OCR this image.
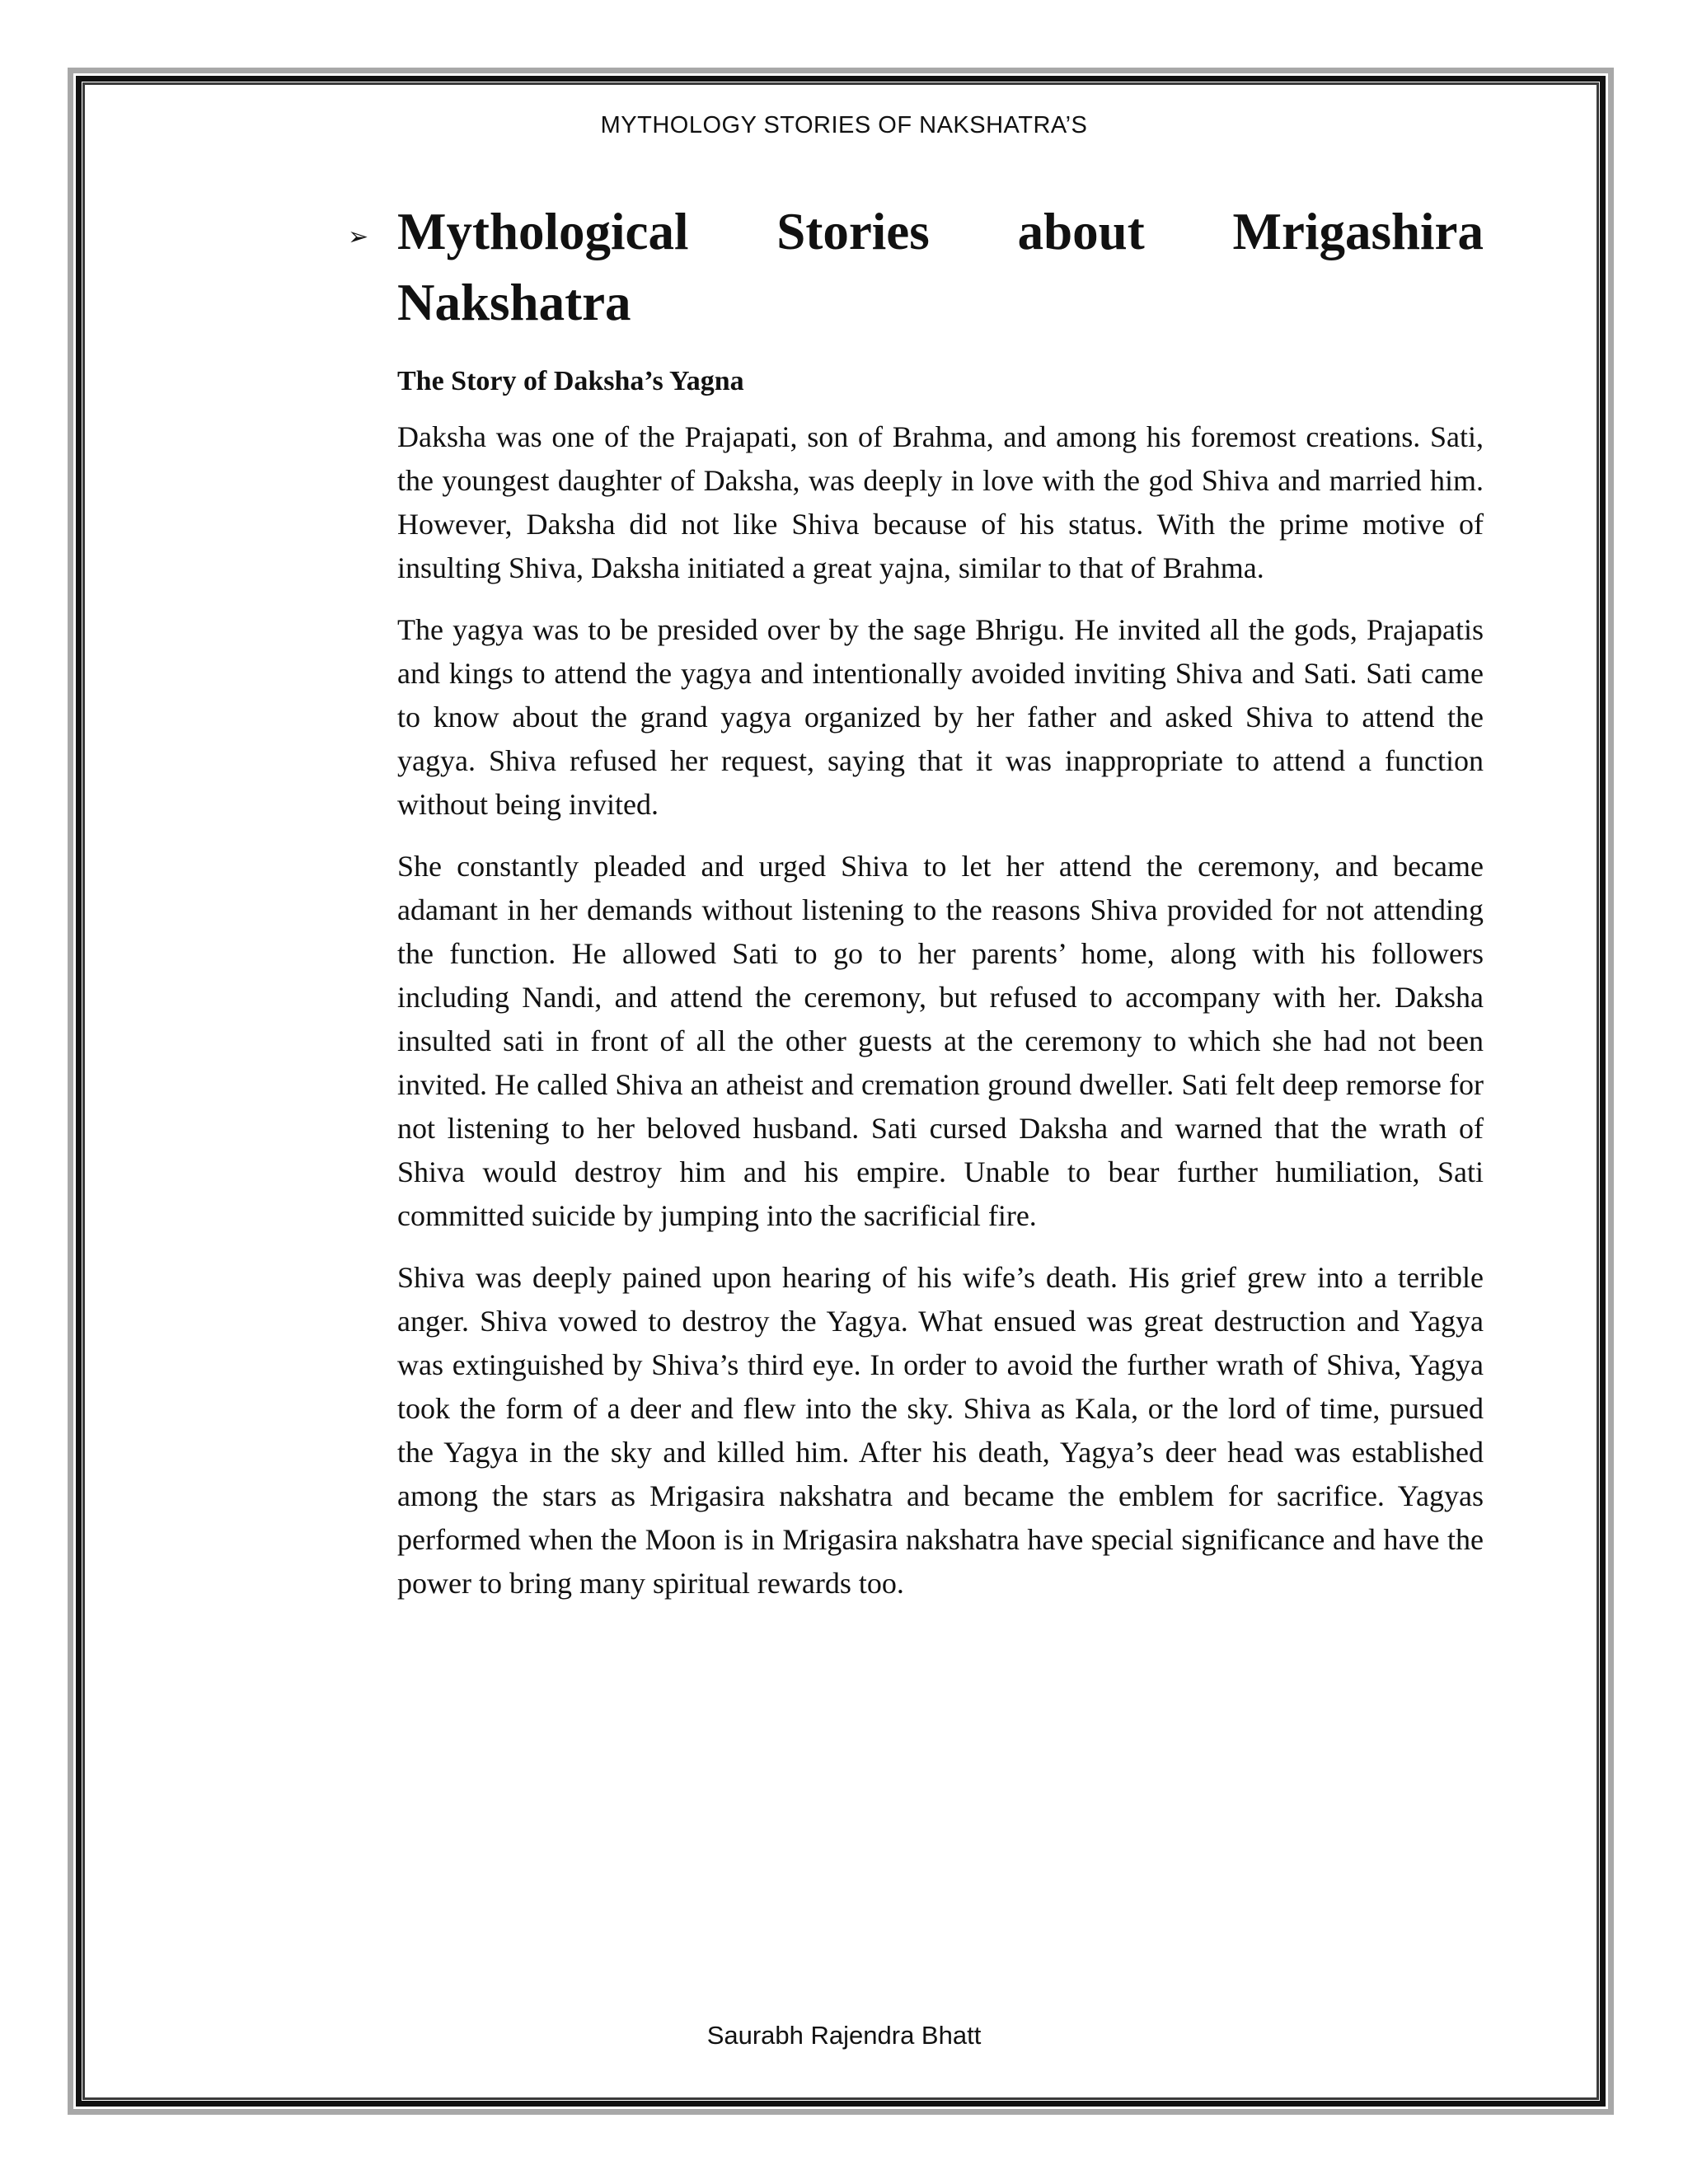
MYTHOLOGY STORIES OF NAKSHATRA’S
➢ Mythological Stories about Mrigashira
Nakshatra
The Story of Daksha’s Yagna

Daksha was one of the Prajapati, son of Brahma, and among his foremost creations. Sati, the youngest daughter of Daksha, was deeply in love with the god Shiva and married him. However, Daksha did not like Shiva because of his status. With the prime motive of insulting Shiva, Daksha initiated a great yajna, similar to that of Brahma.

The yagya was to be presided over by the sage Bhrigu. He invited all the gods, Prajapatis and kings to attend the yagya and intentionally avoided inviting Shiva and Sati. Sati came to know about the grand yagya organized by her father and asked Shiva to attend the yagya. Shiva refused her request, saying that it was inappropriate to attend a function without being invited.

She constantly pleaded and urged Shiva to let her attend the ceremony, and became adamant in her demands without listening to the reasons Shiva provided for not attending the function. He allowed Sati to go to her parents’ home, along with his followers including Nandi, and attend the ceremony, but refused to accompany with her. Daksha insulted sati in front of all the other guests at the ceremony to which she had not been invited. He called Shiva an atheist and cremation ground dweller. Sati felt deep remorse for not listening to her beloved husband. Sati cursed Daksha and warned that the wrath of Shiva would destroy him and his empire. Unable to bear further humiliation, Sati committed suicide by jumping into the sacrificial fire.

Shiva was deeply pained upon hearing of his wife’s death. His grief grew into a terrible anger. Shiva vowed to destroy the Yagya. What ensued was great destruction and Yagya was extinguished by Shiva’s third eye. In order to avoid the further wrath of Shiva, Yagya took the form of a deer and flew into the sky. Shiva as Kala, or the lord of time, pursued the Yagya in the sky and killed him. After his death, Yagya’s deer head was established among the stars as Mrigasira nakshatra and became the emblem for sacrifice. Yagyas performed when the Moon is in Mrigasira nakshatra have special significance and have the power to bring many spiritual rewards too.

Saurabh Rajendra Bhatt
